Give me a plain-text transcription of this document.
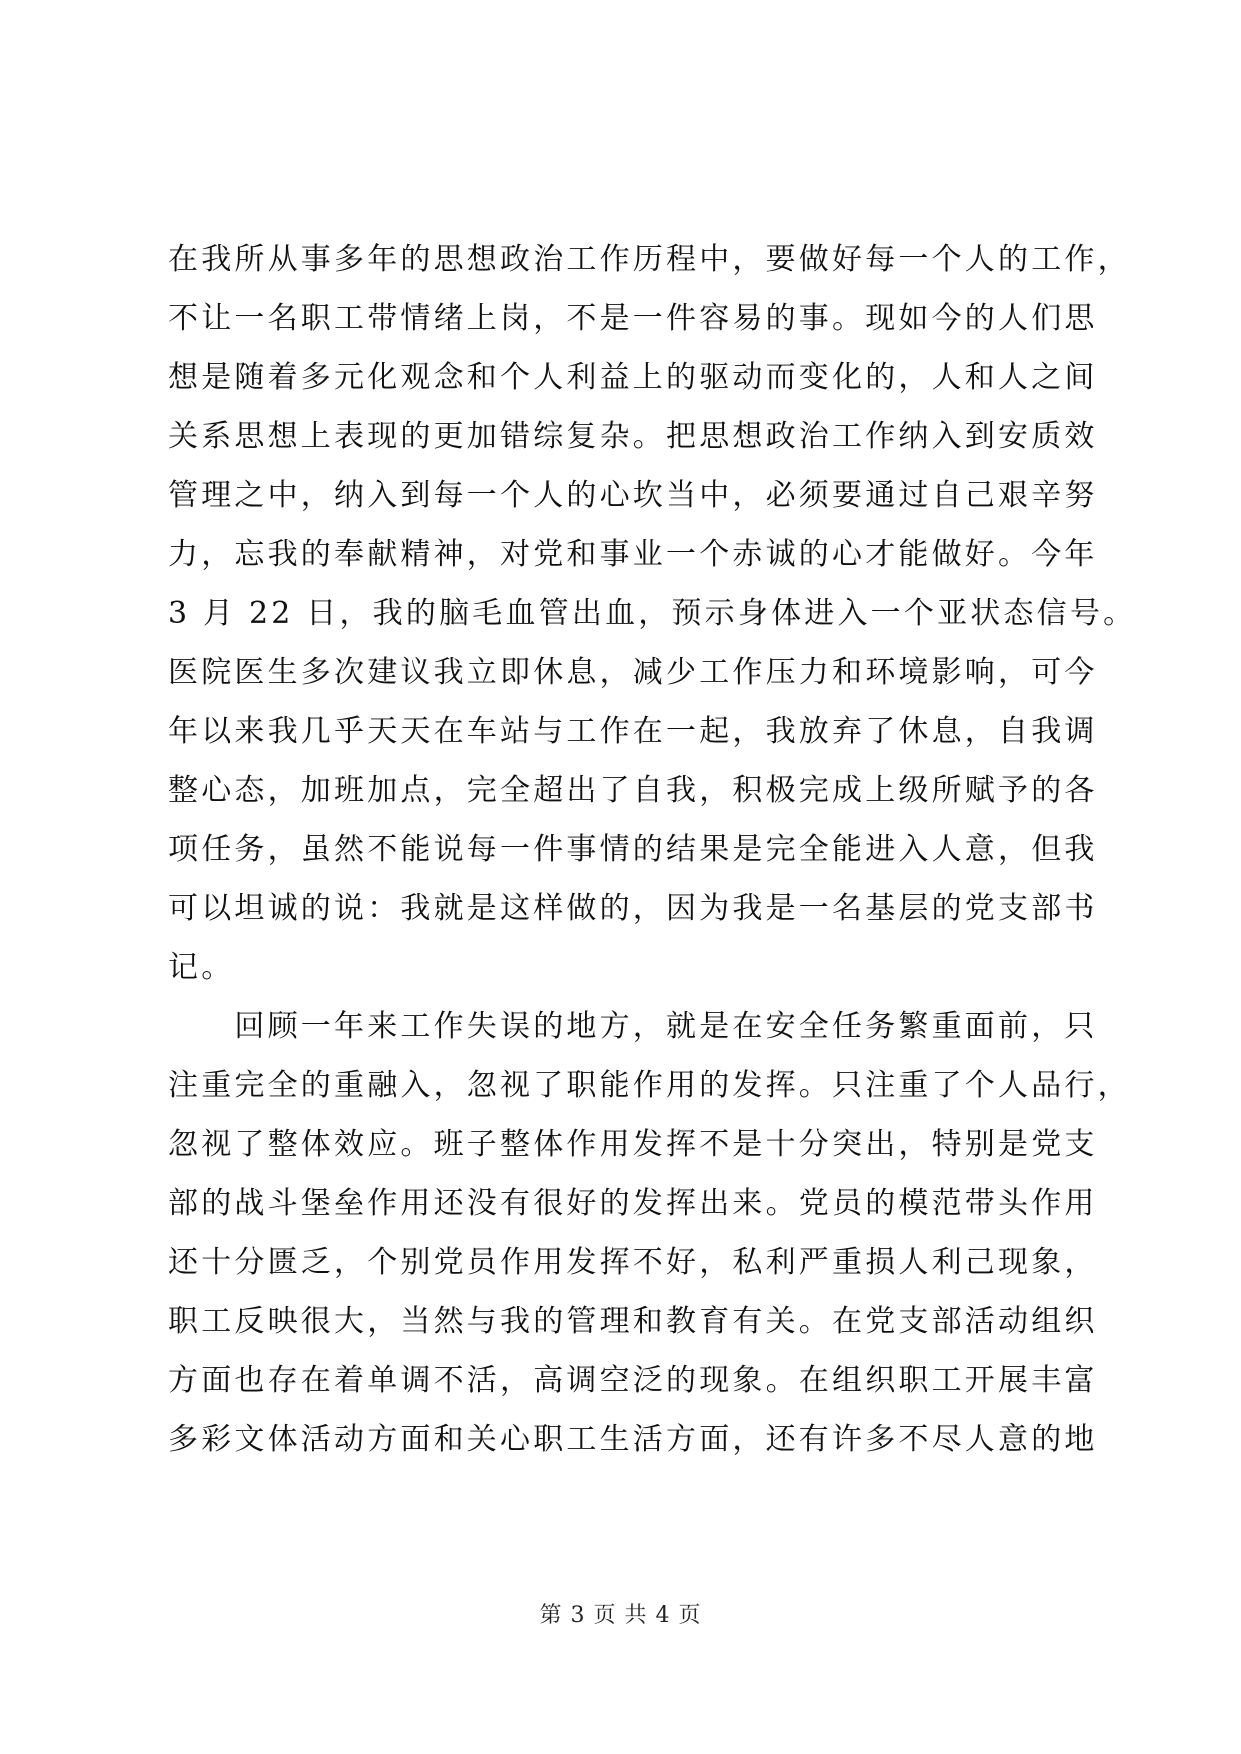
在我所从事多年的思想政治工作历程中，要做好每一个人的工作，
不让一名职工带情绪上岗，不是一件容易的事。现如今的人们思
想是随着多元化观念和个人利益上的驱动而变化的，人和人之间
关系思想上表现的更加错综复杂。把思想政治工作纳入到安质效
管理之中，纳入到每一个人的心坎当中，必须要通过自己艰辛努
力，忘我的奉献精神，对党和事业一个赤诚的心才能做好。今年
3 月 22 日，我的脑毛血管出血，预示身体进入一个亚状态信号。
医院医生多次建议我立即休息，减少工作压力和环境影响，可今
年以来我几乎天天在车站与工作在一起，我放弃了休息，自我调
整心态，加班加点，完全超出了自我，积极完成上级所赋予的各
项任务，虽然不能说每一件事情的结果是完全能进入人意，但我
可以坦诚的说：我就是这样做的，因为我是一名基层的党支部书
记。
　　回顾一年来工作失误的地方，就是在安全任务繁重面前，只
注重完全的重融入，忽视了职能作用的发挥。只注重了个人品行，
忽视了整体效应。班子整体作用发挥不是十分突出，特别是党支
部的战斗堡垒作用还没有很好的发挥出来。党员的模范带头作用
还十分匮乏，个别党员作用发挥不好，私利严重损人利己现象，
职工反映很大，当然与我的管理和教育有关。在党支部活动组织
方面也存在着单调不活，高调空泛的现象。在组织职工开展丰富
多彩文体活动方面和关心职工生活方面，还有许多不尽人意的地
第 3 页 共 4 页
